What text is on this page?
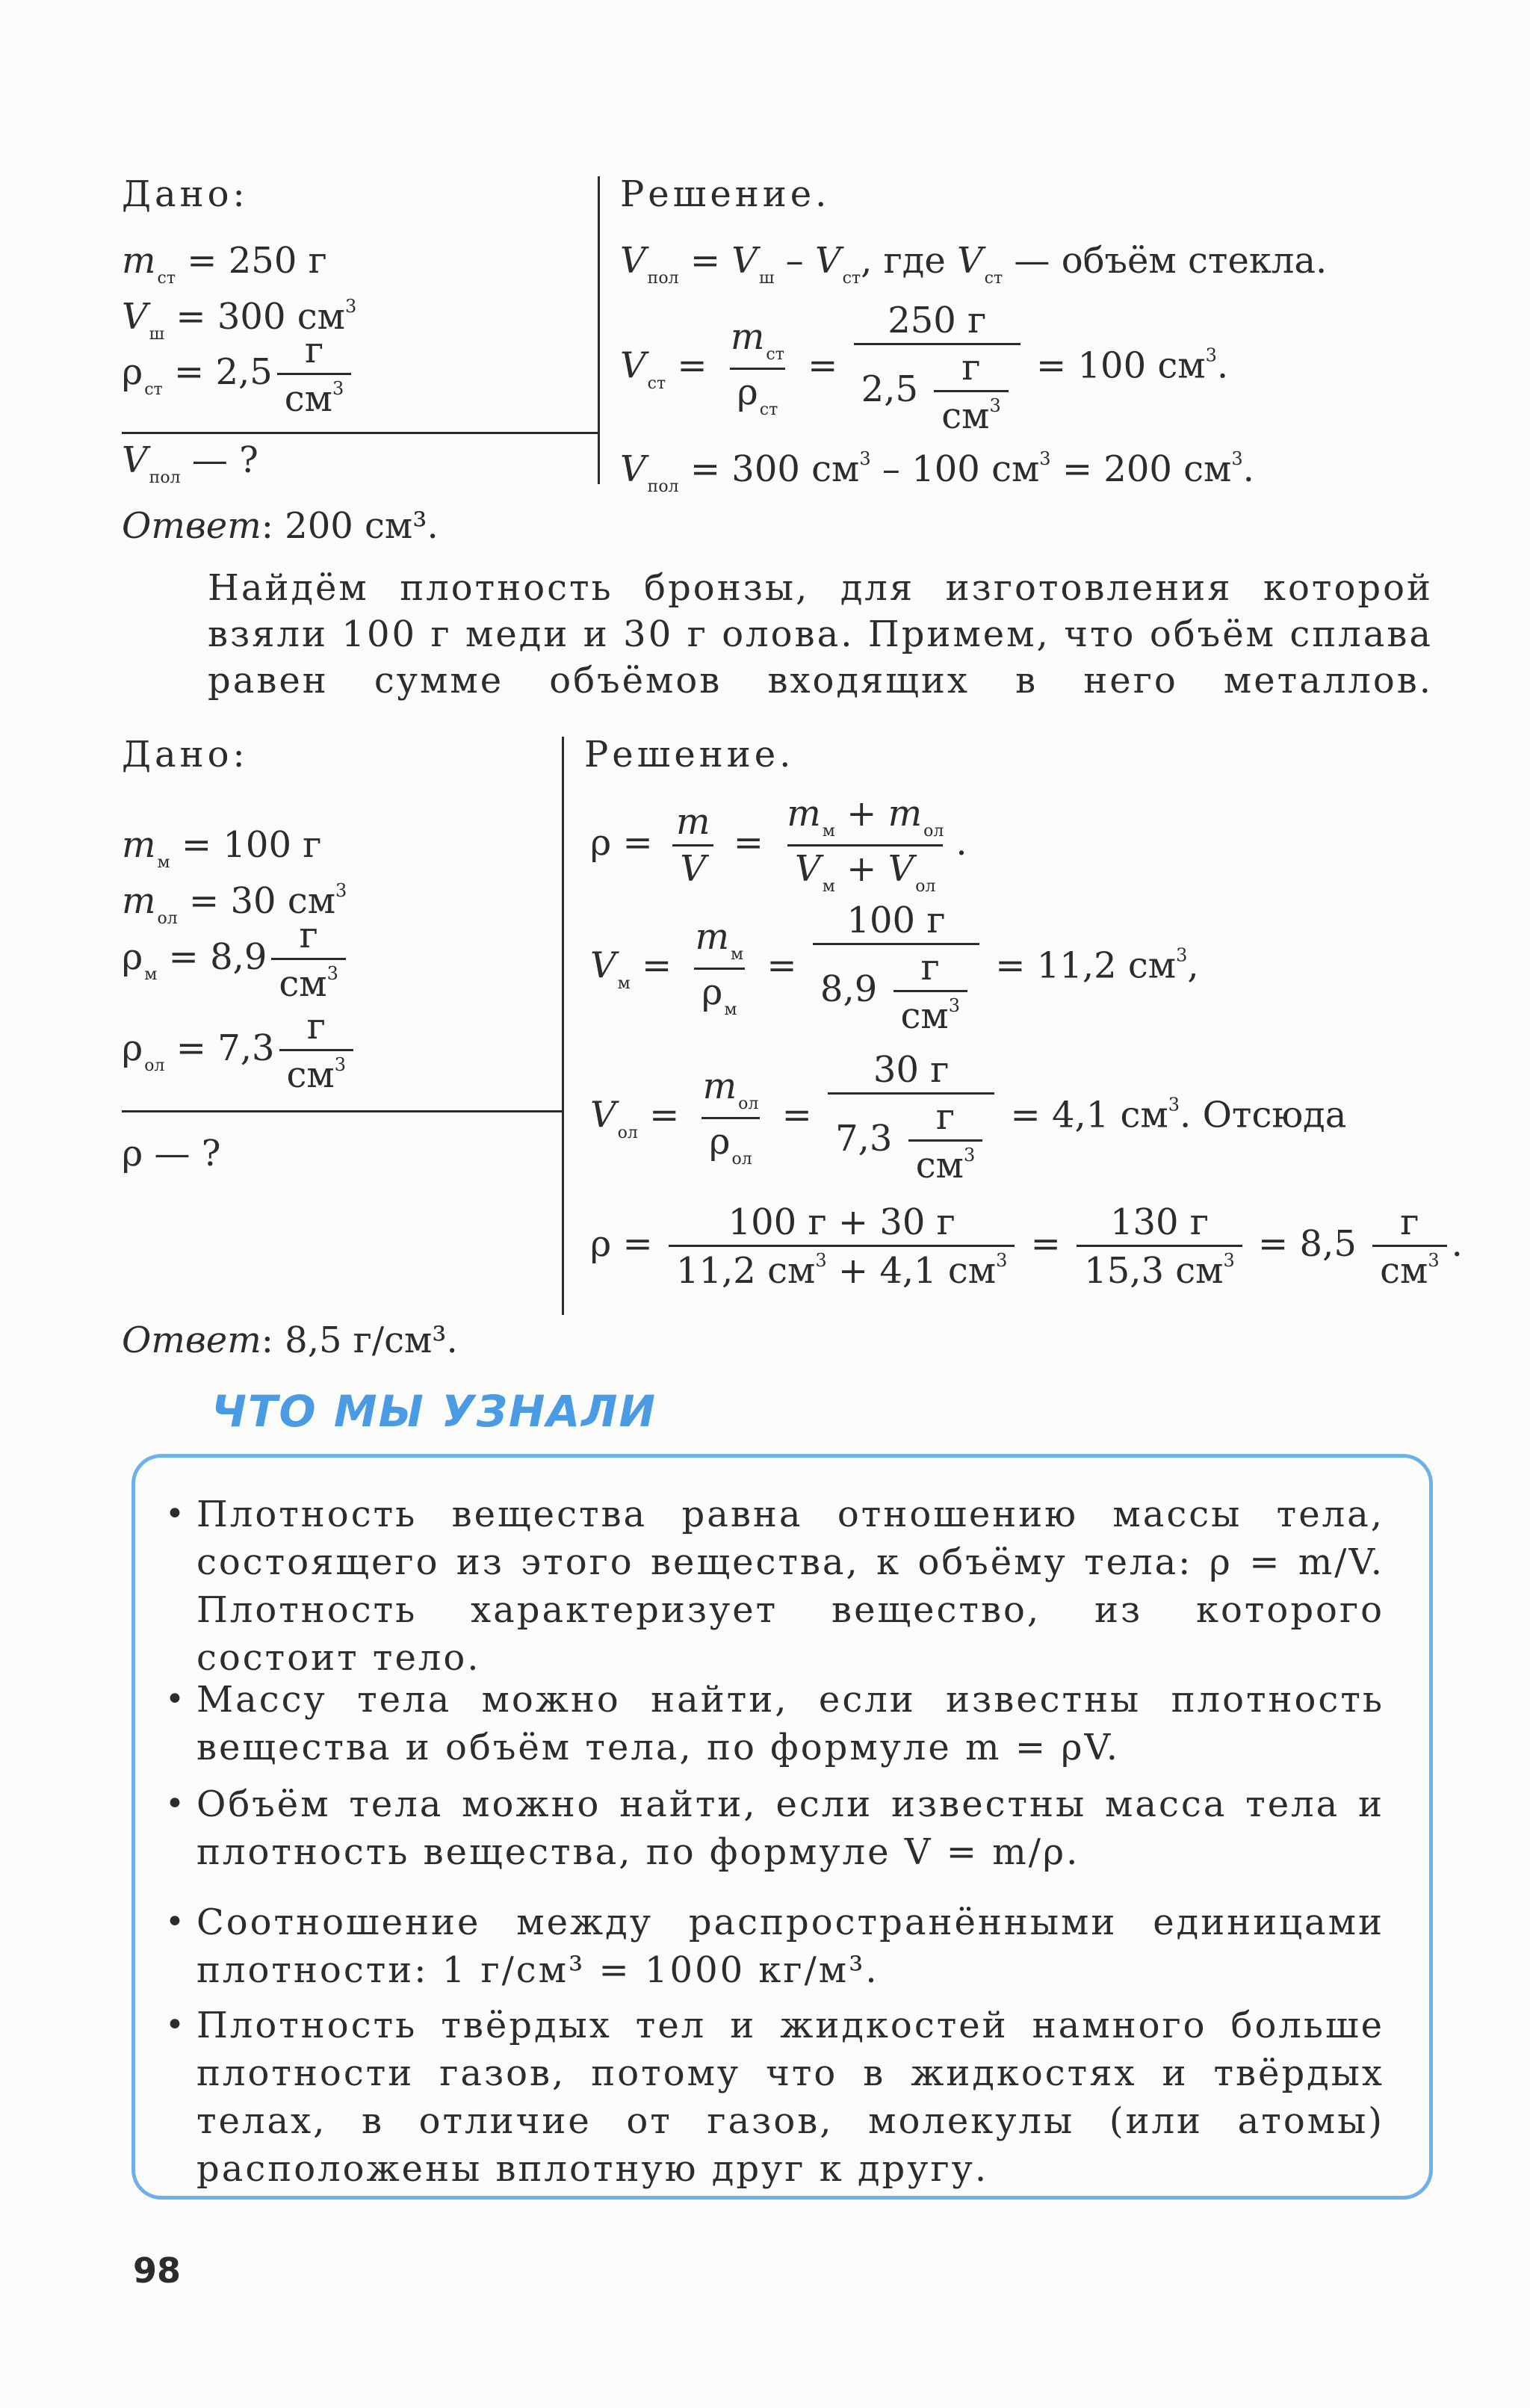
Дано:
$m_{ст} = 250$ г
$V_ш = 300$ $см^3$
$\rho_{ст} = 2,5 \frac{г}{см^3}$
$V_{пол}$ — ?
Решение.
$V_{пол} = V_ш - V_{ст}$, где $V_{ст}$ — объём стекла.
$V_{ст} = \frac{m_{ст}}{\rho_{ст}} = \frac{250 г}{2,5 \frac{г}{см^3}} = 100$ $см^3$.
$V_{пол} = 300$ $см^3 - 100$ $см^3 = 200$ $см^3$.
Ответ: 200 см³.
Найдём плотность бронзы, для изготовления которой взяли 100 г меди и 30 г олова. Примем, что объём сплава равен сумме объёмов входящих в него металлов.
Дано:
$m_м = 100$ г
$m_{ол} = 30$ $см^3$
$\rho_м = 8,9 \frac{г}{см^3}$
$\rho_{ол} = 7,3 \frac{г}{см^3}$
ρ — ?
Решение.
$\rho = \frac{m}{V} = \frac{m_м + m_{ол}}{V_м + V_{ол}}$ .
$V_м = \frac{m_м}{\rho_м} = \frac{100 г}{8,9 \frac{г}{см^3}} = 11,2$ $см^3$,
$V_{ол} = \frac{m_{ол}}{\rho_{ол}} = \frac{30 г}{7,3 \frac{г}{см^3}} = 4,1$ $см^3$. Отсюда
$\rho = \frac{100 г + 30 г}{11,2 см^3 + 4,1 см^3} = \frac{130 г}{15,3 см^3} = 8,5 \frac{г}{см^3}$ .
Ответ: 8,5 г/см³.
ЧТО МЫ УЗНАЛИ
• Плотность вещества равна отношению массы тела, состоящего из этого вещества, к объёму тела: ρ = m/V. Плотность характеризует вещество, из которого состоит тело.
• Массу тела можно найти, если известны плотность вещества и объём тела, по формуле m = ρV.
• Объём тела можно найти, если известны масса тела и плотность вещества, по формуле V = m/ρ.
• Соотношение между распространёнными единицами плотности: 1 г/см³ = 1000 кг/м³.
• Плотность твёрдых тел и жидкостей намного больше плотности газов, потому что в жидкостях и твёрдых телах, в отличие от газов, молекулы (или атомы) расположены вплотную друг к другу.
98
